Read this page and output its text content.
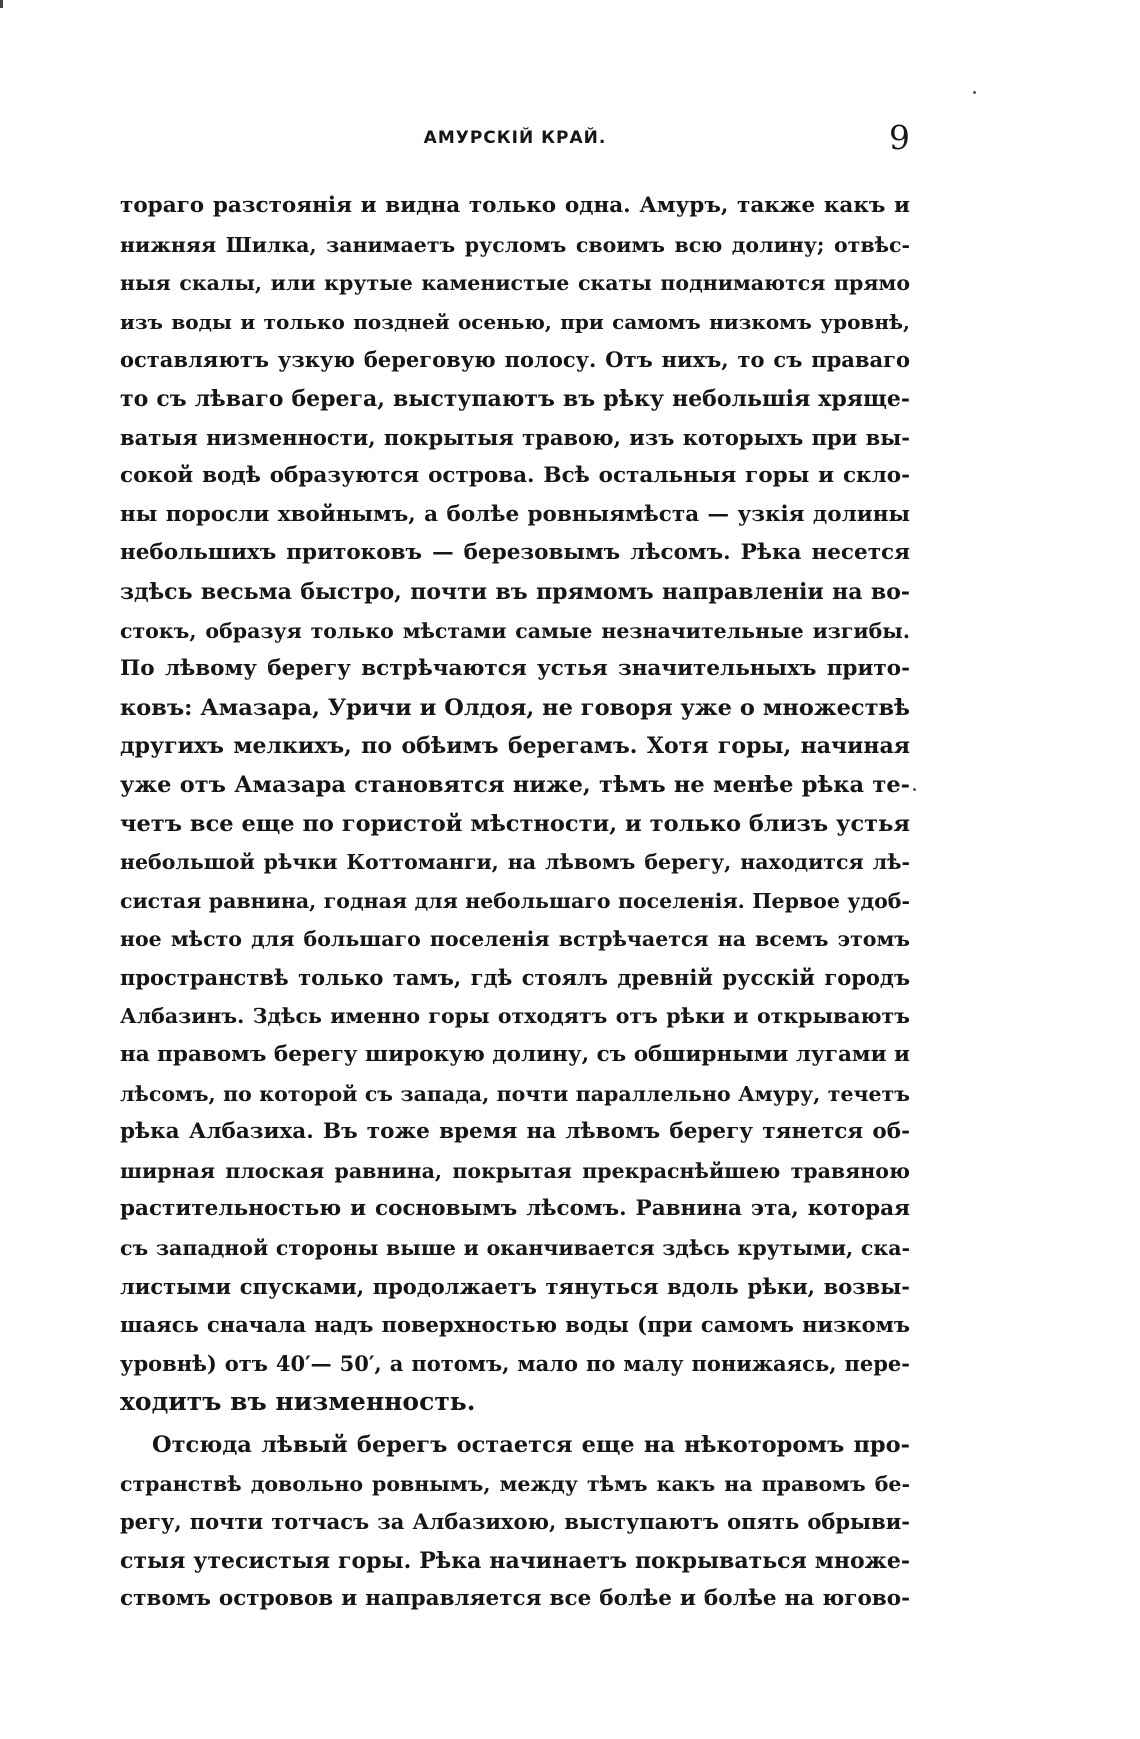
АМУРСКІЙ КРАЙ.	9
тораго разстоянія и видна только одна. Амуръ, также какъ и
нижняя Шилка, занимаетъ русломъ своимъ всю долину; отвѣс-
ныя скалы, или крутые каменистые скаты поднимаются прямо
изъ воды и только поздней осенью, при самомъ низкомъ уровнѣ,
оставляютъ узкую береговую полосу. Отъ нихъ, то съ праваго
то съ лѣваго берега, выступаютъ въ рѣку небольшія хряще-
ватыя низменности, покрытыя травою, изъ которыхъ при вы-
сокой водѣ образуются острова. Всѣ остальныя горы и скло-
ны поросли хвойнымъ, а болѣе ровныямѣста — узкія долины
небольшихъ притоковъ — березовымъ лѣсомъ. Рѣка несется
здѣсь весьма быстро, почти въ прямомъ направленіи на во-
стокъ, образуя только мѣстами самые незначительные изгибы.
По лѣвому берегу встрѣчаются устья значительныхъ прито-
ковъ: Амазара, Уричи и Олдоя, не говоря уже о множествѣ
другихъ мелкихъ, по обѣимъ берегамъ. Хотя горы, начиная
уже отъ Амазара становятся ниже, тѣмъ не менѣе рѣка те-
четъ все еще по гористой мѣстности, и только близъ устья
небольшой рѣчки Коттоманги, на лѣвомъ берегу, находится лѣ-
систая равнина, годная для небольшаго поселенія. Первое удоб-
ное мѣсто для большаго поселенія встрѣчается на всемъ этомъ
пространствѣ только тамъ, гдѣ стоялъ древній русскій городъ
Албазинъ. Здѣсь именно горы отходятъ отъ рѣки и открываютъ
на правомъ берегу широкую долину, съ обширными лугами и
лѣсомъ, по которой съ запада, почти параллельно Амуру, течетъ
рѣка Албазиха. Въ тоже время на лѣвомъ берегу тянется об-
ширная плоская равнина, покрытая прекраснѣйшею травяною
растительностью и сосновымъ лѣсомъ. Равнина эта, которая
съ западной стороны выше и оканчивается здѣсь крутыми, ска-
листыми спусками, продолжаетъ тянуться вдоль рѣки, возвы-
шаясь сначала надъ поверхностью воды (при самомъ низкомъ
уровнѣ) отъ 40′— 50′, а потомъ, мало по малу понижаясь, пере-
ходитъ въ низменность.
Отсюда лѣвый берегъ остается еще на нѣкоторомъ про-
странствѣ довольно ровнымъ, между тѣмъ какъ на правомъ бе-
регу, почти тотчасъ за Албазихою, выступаютъ опять обрыви-
стыя утесистыя горы. Рѣка начинаетъ покрываться множе-
ствомъ островов и направляется все болѣе и болѣе на югово-
